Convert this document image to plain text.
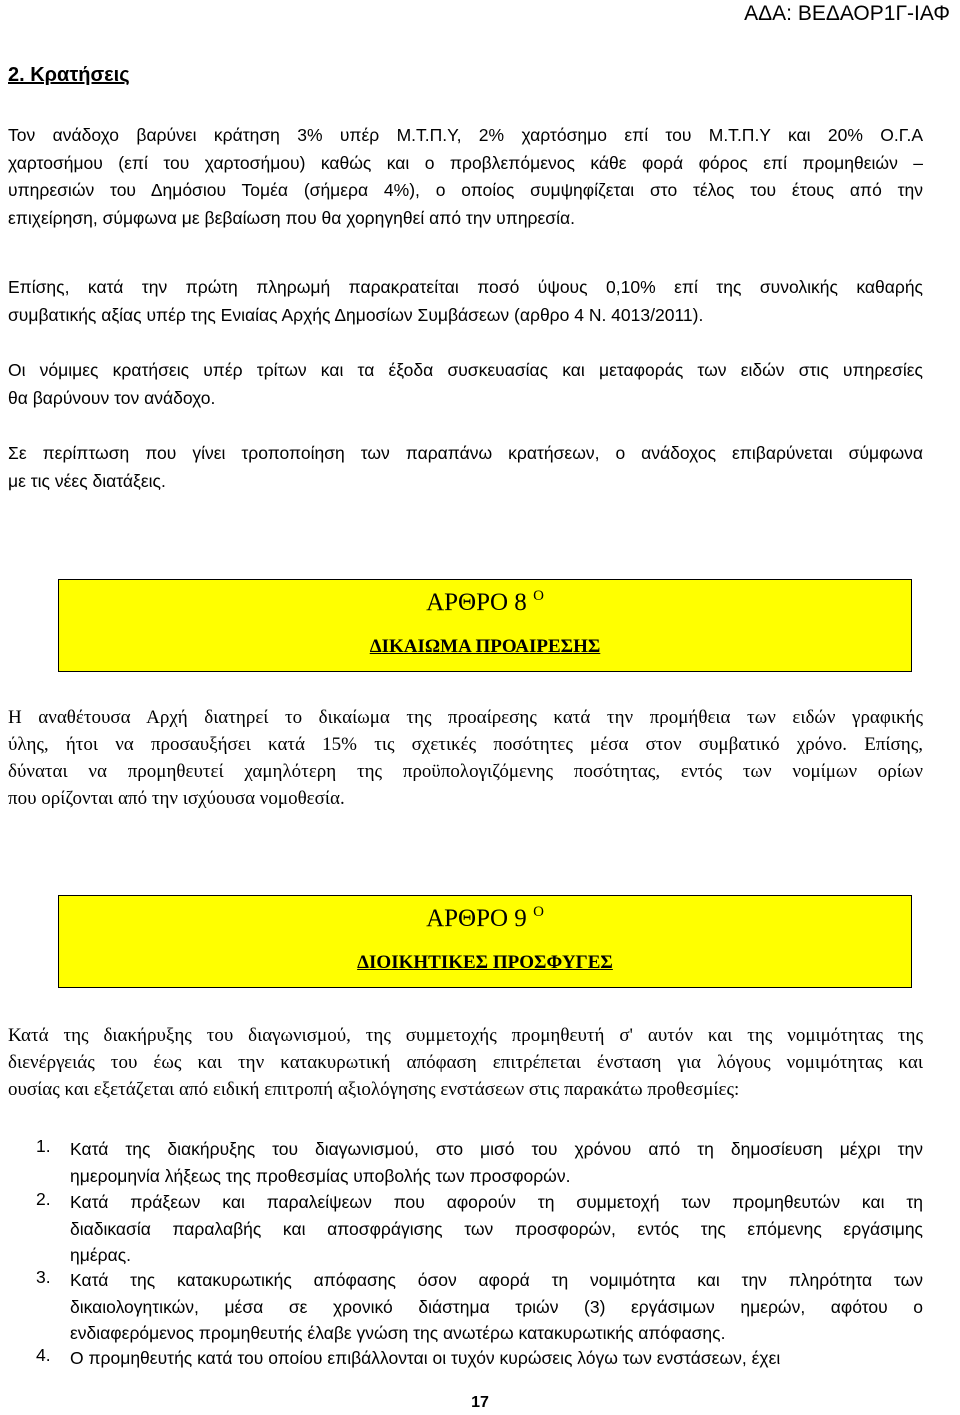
ΑΔΑ: ΒΕΔΑΟΡ1Γ-ΙΑΦ
2. Κρατήσεις
Τον ανάδοχο βαρύνει κράτηση 3% υπέρ Μ.Τ.Π.Υ, 2% χαρτόσημο επί του Μ.Τ.Π.Υ και 20% Ο.Γ.Α
χαρτοσήμου (επί του χαρτοσήμου) καθώς και ο προβλεπόμενος κάθε φορά φόρος επί προμηθειών –
υπηρεσιών του Δημόσιου Τομέα (σήμερα 4%), ο οποίος συμψηφίζεται στο τέλος του έτους από την
επιχείρηση, σύμφωνα με βεβαίωση που θα χορηγηθεί από την υπηρεσία.
Επίσης, κατά την πρώτη πληρωμή παρακρατείται ποσό ύψους 0,10% επί της συνολικής καθαρής
συμβατικής αξίας υπέρ της Ενιαίας Αρχής Δημοσίων Συμβάσεων (αρθρο 4 Ν. 4013/2011).
Οι νόμιμες κρατήσεις υπέρ τρίτων και τα έξοδα συσκευασίας και μεταφοράς των ειδών στις υπηρεσίες
θα βαρύνουν τον ανάδοχο.
Σε περίπτωση που γίνει τροποποίηση των παραπάνω κρατήσεων, ο ανάδοχος επιβαρύνεται σύμφωνα
με τις νέες διατάξεις.
ΑΡΘΡΟ 8 $^O$
ΔΙΚΑΙΩΜΑ ΠΡΟΑΙΡΕΣΗΣ
Η αναθέτουσα Αρχή διατηρεί το δικαίωμα της προαίρεσης κατά την προμήθεια των ειδών γραφικής
ύλης, ήτοι να προσαυξήσει κατά 15% τις σχετικές ποσότητες μέσα στον συμβατικό χρόνο. Επίσης,
δύναται να προμηθευτεί χαμηλότερη της προϋπολογιζόμενης ποσότητας, εντός των νομίμων ορίων
που ορίζονται από την ισχύουσα νομοθεσία.
ΑΡΘΡΟ 9 $^O$
ΔΙΟΙΚΗΤΙΚΕΣ ΠΡΟΣΦΥΓΕΣ
Κατά της διακήρυξης του διαγωνισμού, της συμμετοχής προμηθευτή σ' αυτόν και της νομιμότητας της
διενέργειάς του έως και την κατακυρωτική απόφαση επιτρέπεται ένσταση για λόγους νομιμότητας και
ουσίας και εξετάζεται από ειδική επιτροπή αξιολόγησης ενστάσεων στις παρακάτω προθεσμίες:
1. Κατά της διακήρυξης του διαγωνισμού, στο μισό του χρόνου από τη δημοσίευση μέχρι την
ημερομηνία λήξεως της προθεσμίας υποβολής των προσφορών.
2. Κατά πράξεων και παραλείψεων που αφορούν τη συμμετοχή των προμηθευτών και τη
διαδικασία παραλαβής και αποσφράγισης των προσφορών, εντός της επόμενης εργάσιμης
ημέρας.
3. Κατά της κατακυρωτικής απόφασης όσον αφορά τη νομιμότητα και την πληρότητα των
δικαιολογητικών, μέσα σε χρονικό διάστημα τριών (3) εργάσιμων ημερών, αφότου ο
ενδιαφερόμενος προμηθευτής έλαβε γνώση της ανωτέρω κατακυρωτικής απόφασης.
4. Ο προμηθευτής κατά του οποίου επιβάλλονται οι τυχόν κυρώσεις λόγω των ενστάσεων, έχει
17
